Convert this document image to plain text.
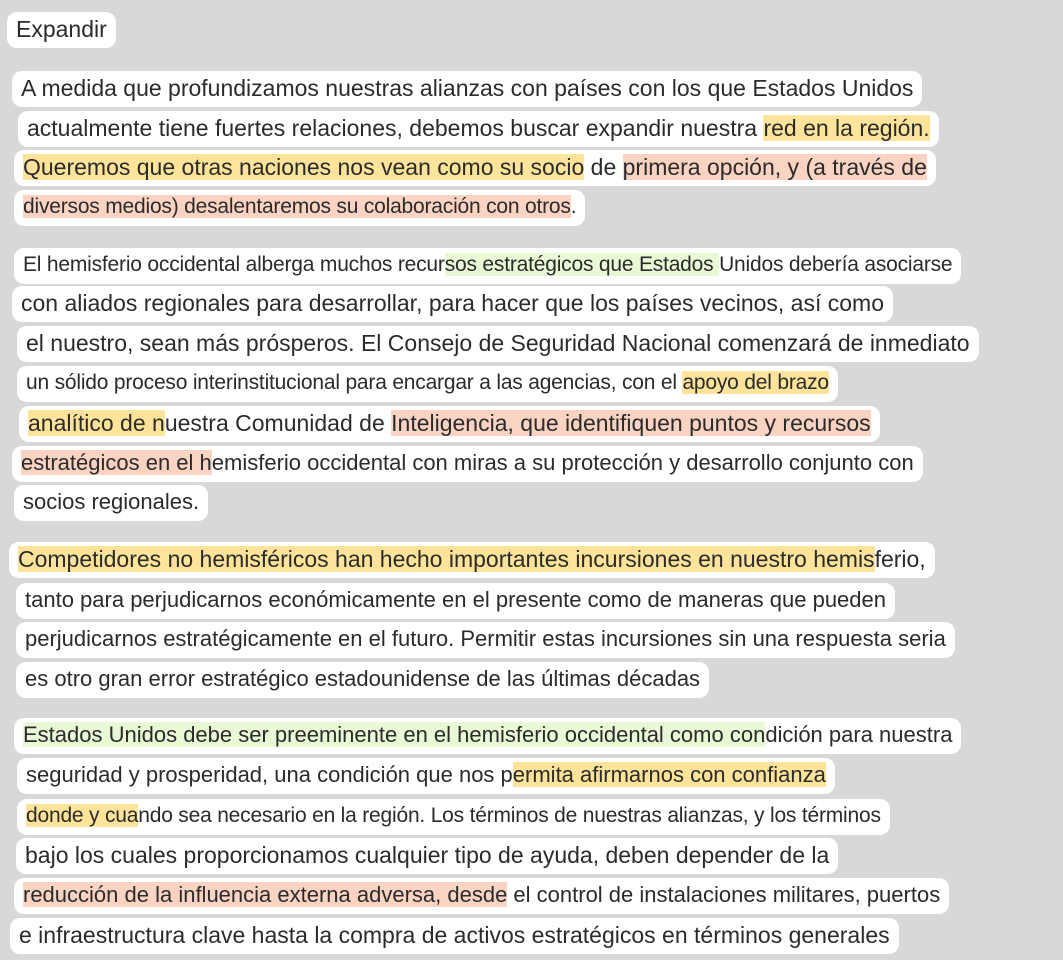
Expandir
A medida que profundizamos nuestras alianzas con países con los que Estados Unidos
actualmente tiene fuertes relaciones, debemos buscar expandir nuestra red en la región.
Queremos que otras naciones nos vean como su socio de primera opción, y (a través de
diversos medios) desalentaremos su colaboración con otros.
El hemisferio occidental alberga muchos recursos estratégicos que Estados Unidos debería asociarse
con aliados regionales para desarrollar, para hacer que los países vecinos, así como
el nuestro, sean más prósperos. El Consejo de Seguridad Nacional comenzará de inmediato
un sólido proceso interinstitucional para encargar a las agencias, con el apoyo del brazo
analítico de nuestra Comunidad de Inteligencia, que identifiquen puntos y recursos
estratégicos en el hemisferio occidental con miras a su protección y desarrollo conjunto con
socios regionales.
Competidores no hemisféricos han hecho importantes incursiones en nuestro hemisferio,
tanto para perjudicarnos económicamente en el presente como de maneras que pueden
perjudicarnos estratégicamente en el futuro. Permitir estas incursiones sin una respuesta seria
es otro gran error estratégico estadounidense de las últimas décadas
Estados Unidos debe ser preeminente en el hemisferio occidental como condición para nuestra
seguridad y prosperidad, una condición que nos permita afirmarnos con confianza
donde y cuando sea necesario en la región. Los términos de nuestras alianzas, y los términos
bajo los cuales proporcionamos cualquier tipo de ayuda, deben depender de la
reducción de la influencia externa adversa, desde el control de instalaciones militares, puertos
e infraestructura clave hasta la compra de activos estratégicos en términos generales
